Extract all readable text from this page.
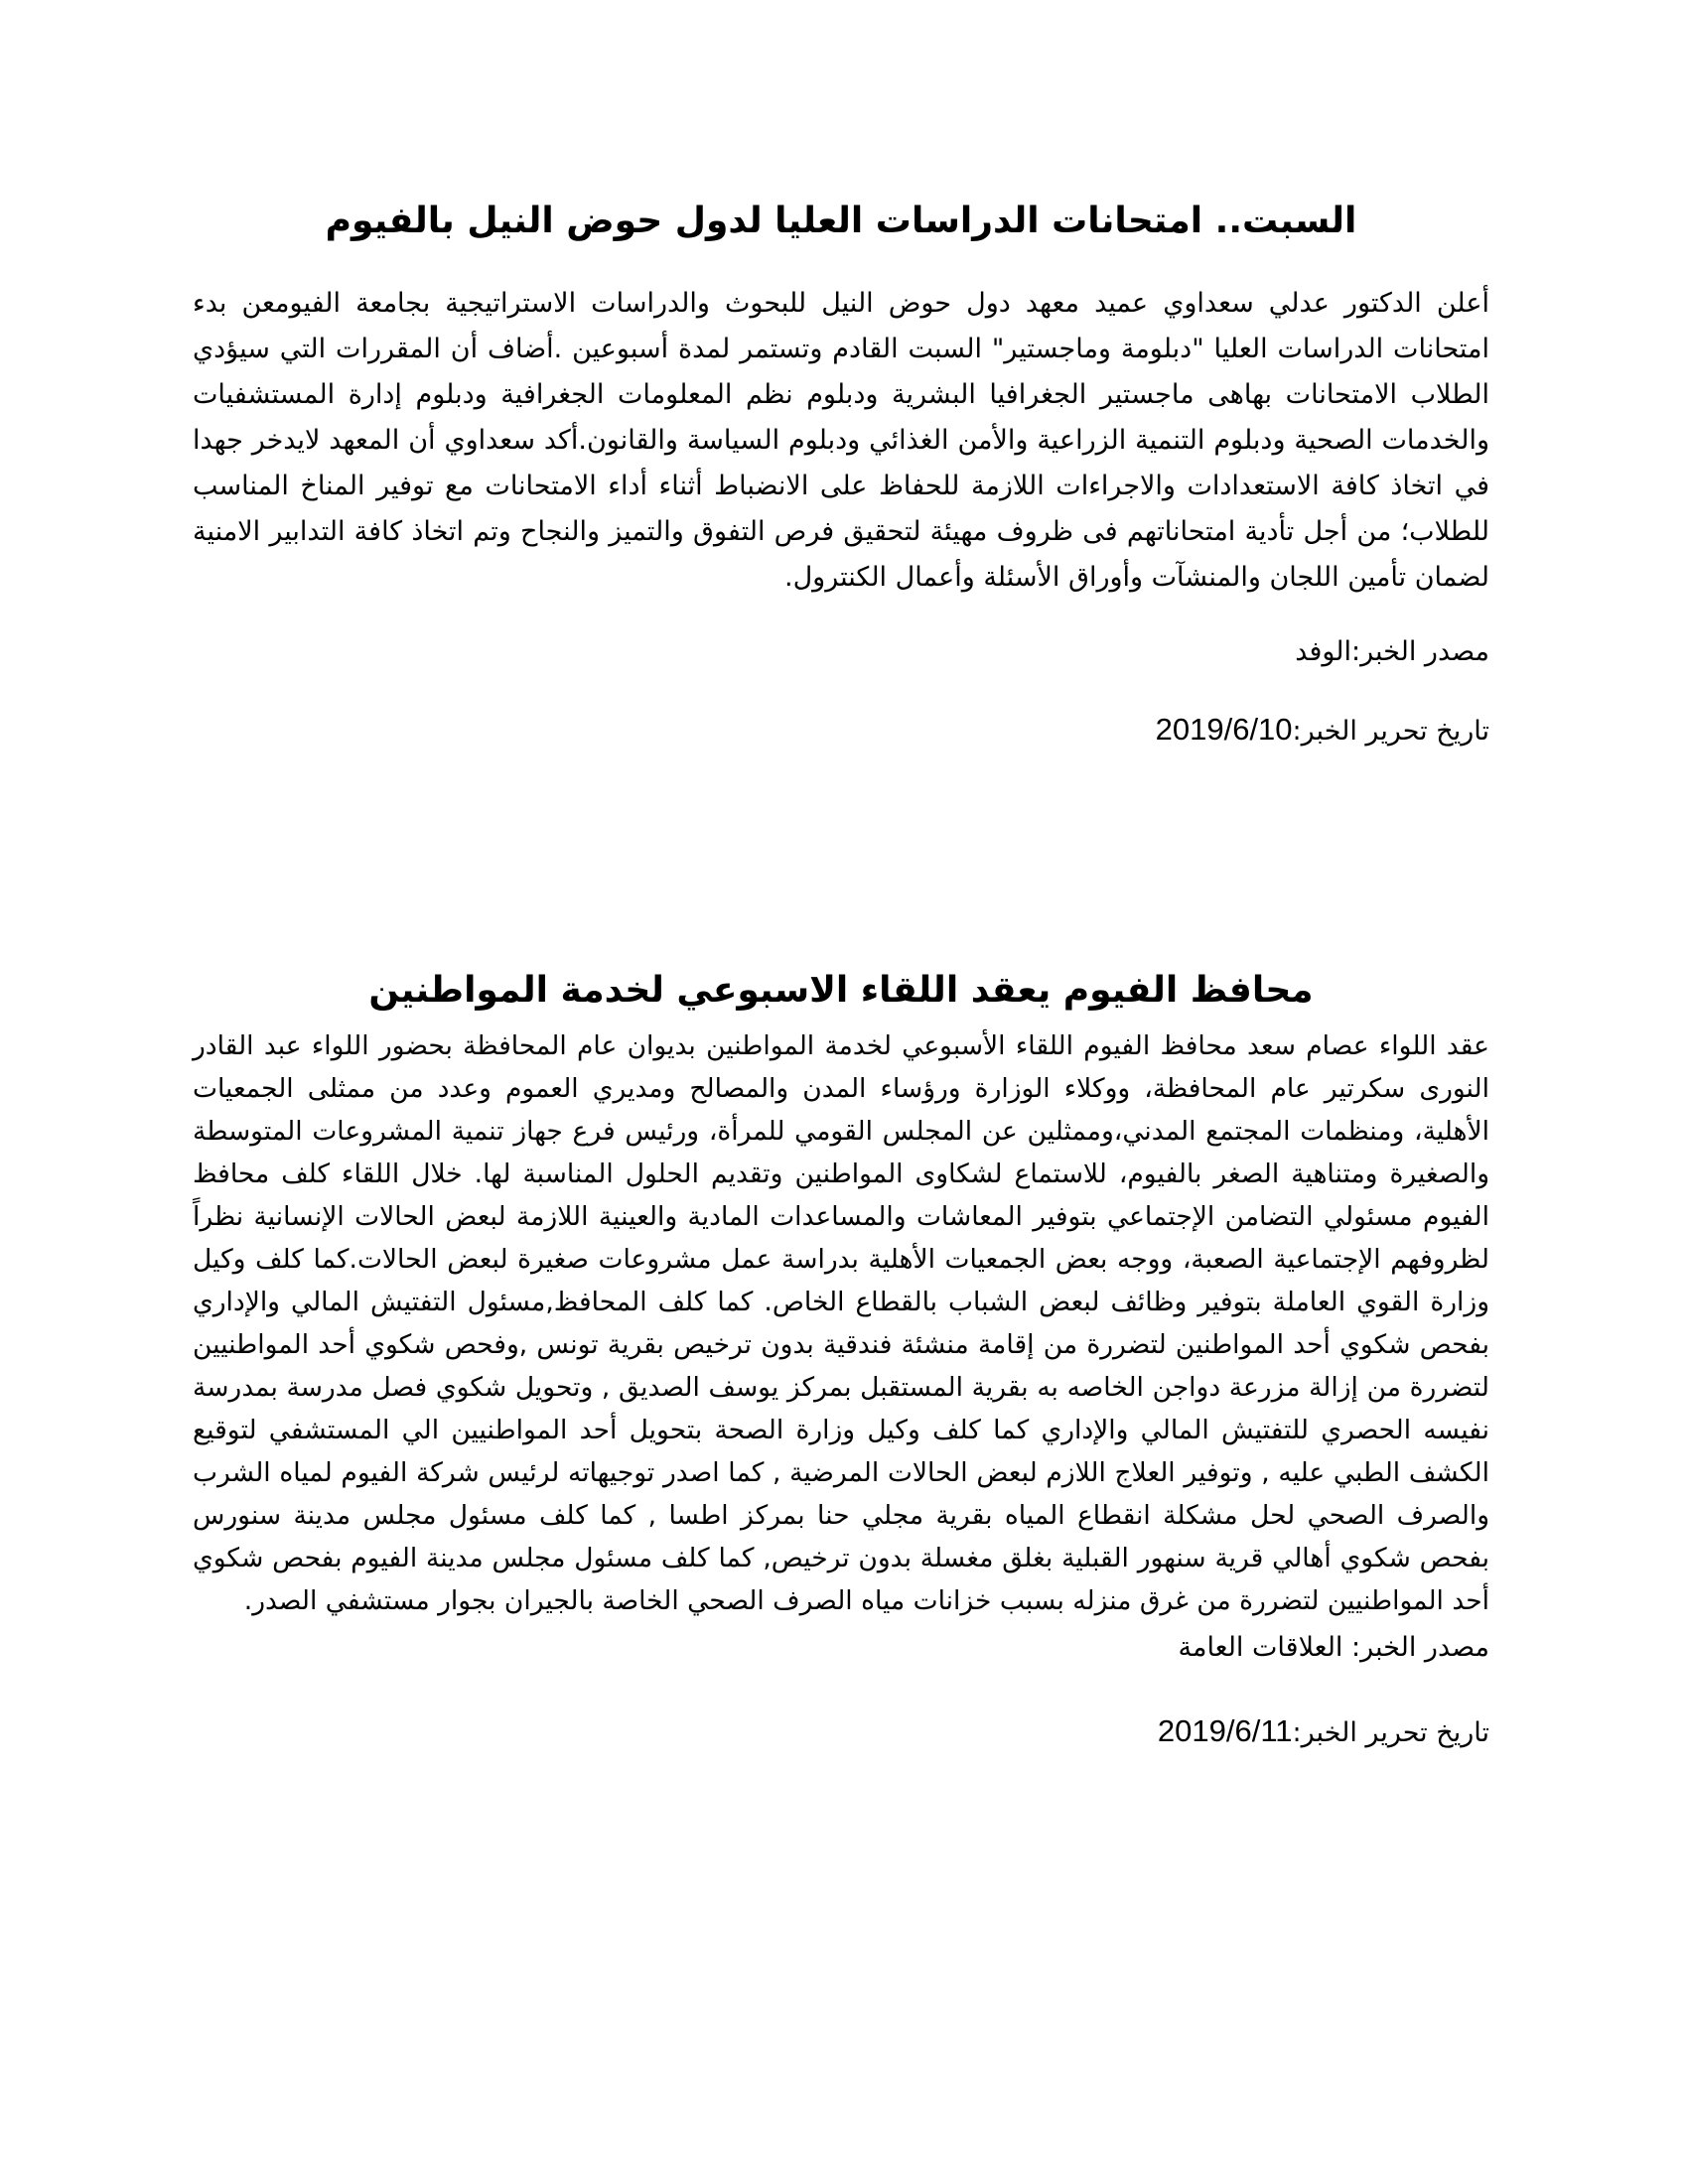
السبت.. امتحانات الدراسات العليا لدول حوض النيل بالفيوم

أعلن الدكتور عدلي سعداوي عميد معهد دول حوض النيل للبحوث والدراسات الاستراتيجية بجامعة الفيومعن بدء امتحانات الدراسات العليا "دبلومة وماجستير" السبت القادم وتستمر لمدة أسبوعين .أضاف أن المقررات التي سيؤدي الطلاب الامتحانات بهاهى ماجستير الجغرافيا البشرية ودبلوم نظم المعلومات الجغرافية ودبلوم إدارة المستشفيات والخدمات الصحية ودبلوم التنمية الزراعية والأمن الغذائي ودبلوم السياسة والقانون.أكد سعداوي أن المعهد لايدخر جهدا في اتخاذ كافة الاستعدادات والاجراءات اللازمة للحفاظ على الانضباط أثناء أداء الامتحانات مع توفير المناخ المناسب للطلاب؛ من أجل تأدية امتحاناتهم فى ظروف مهيئة لتحقيق فرص التفوق والتميز والنجاح وتم اتخاذ كافة التدابير الامنية لضمان تأمين اللجان والمنشآت وأوراق الأسئلة وأعمال الكنترول.

مصدر الخبر:الوفد

تاريخ تحرير الخبر:2019/6/10

محافظ الفيوم يعقد اللقاء الاسبوعي لخدمة المواطنين

عقد اللواء عصام سعد محافظ الفيوم اللقاء الأسبوعي لخدمة المواطنين بديوان عام المحافظة بحضور اللواء عبد القادر النورى سكرتير عام المحافظة، ووكلاء الوزارة ورؤساء المدن والمصالح ومديري العموم وعدد من ممثلى الجمعيات الأهلية، ومنظمات المجتمع المدني،وممثلين عن المجلس القومي للمرأة، ورئيس فرع جهاز تنمية المشروعات المتوسطة والصغيرة ومتناهية الصغر بالفيوم، للاستماع لشكاوى المواطنين وتقديم الحلول المناسبة لها. خلال اللقاء كلف محافظ الفيوم مسئولي التضامن الإجتماعي بتوفير المعاشات والمساعدات المادية والعينية اللازمة لبعض الحالات الإنسانية نظراً لظروفهم الإجتماعية الصعبة، ووجه بعض الجمعيات الأهلية بدراسة عمل مشروعات صغيرة لبعض الحالات.كما كلف وكيل وزارة القوي العاملة بتوفير وظائف لبعض الشباب بالقطاع الخاص. كما كلف المحافظ,مسئول التفتيش المالي والإداري بفحص شكوي أحد المواطنين لتضررة من إقامة منشئة فندقية بدون ترخيص بقرية تونس ,وفحص شكوي أحد المواطنيين لتضررة من إزالة مزرعة دواجن الخاصه به بقرية المستقبل بمركز يوسف الصديق , وتحويل شكوي فصل مدرسة بمدرسة نفيسه الحصري للتفتيش المالي والإداري كما كلف وكيل وزارة الصحة بتحويل أحد المواطنيين الي المستشفي لتوقيع الكشف الطبي عليه , وتوفير العلاج اللازم لبعض الحالات المرضية , كما اصدر توجيهاته لرئيس شركة الفيوم لمياه الشرب والصرف الصحي لحل مشكلة انقطاع المياه بقرية مجلي حنا بمركز اطسا , كما كلف مسئول مجلس مدينة سنورس بفحص شكوي أهالي قرية سنهور القبلية بغلق مغسلة بدون ترخيص, كما كلف مسئول مجلس مدينة الفيوم بفحص شكوي أحد المواطنيين لتضررة من غرق منزله بسبب خزانات مياه الصرف الصحي الخاصة بالجيران بجوار مستشفي الصدر.

مصدر الخبر: العلاقات العامة

تاريخ تحرير الخبر:2019/6/11
